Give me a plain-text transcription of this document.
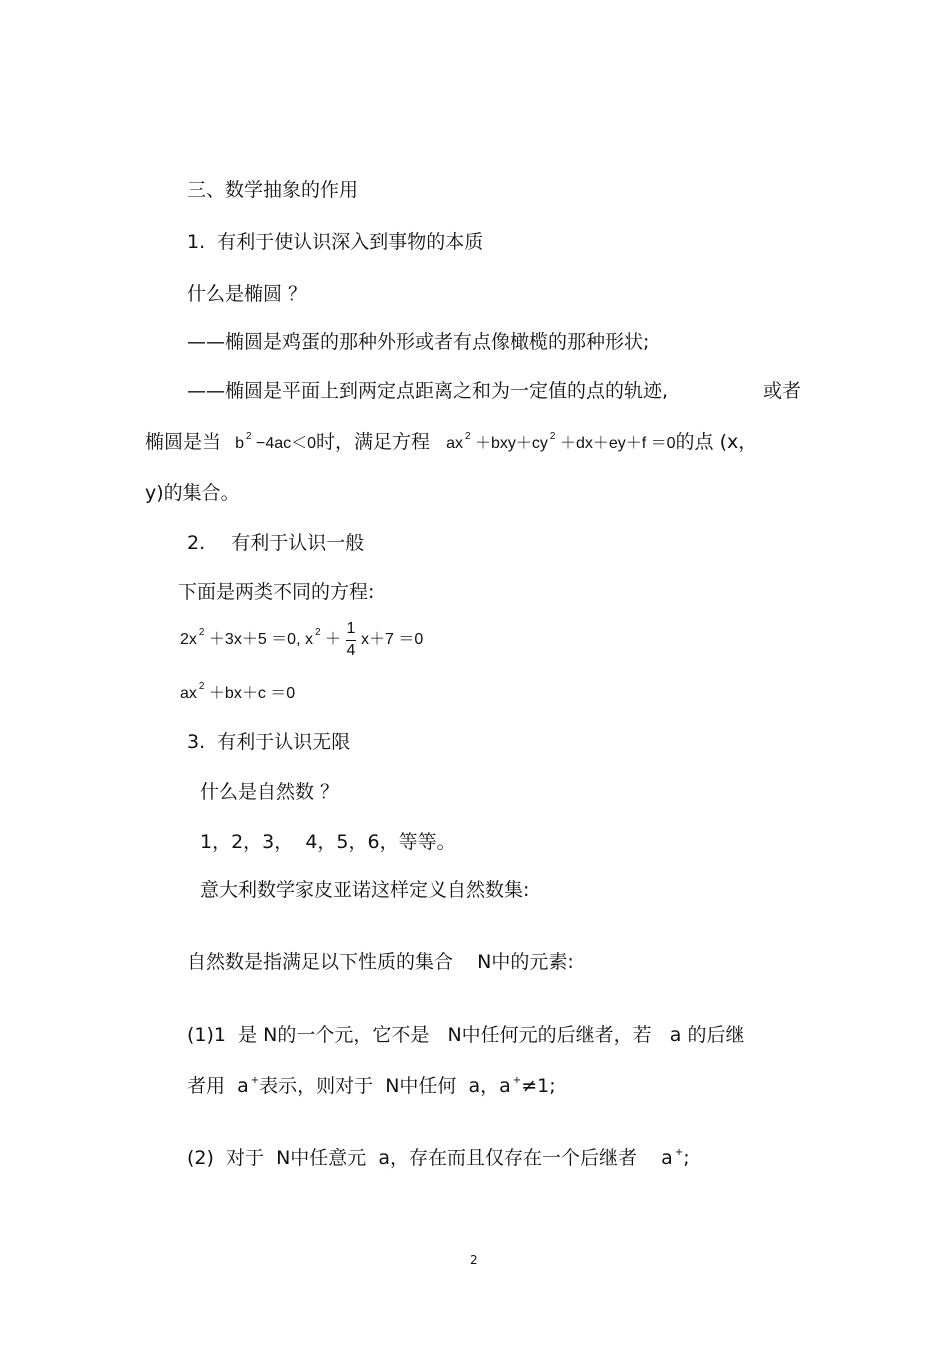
三、数学抽象的作用
1. 有利于使认识深入到事物的本质
什么是椭圆 ？
——椭圆是鸡蛋的那种外形或者有点像橄榄的那种形状;
——椭圆是平面上到两定点距离之和为一定值的点的轨迹,	或者
椭圆是当 b $^2$ −4ac＜0时，满足方程 ax $^2$ ＋bxy＋cy $^2$ ＋dx＋ey＋f ＝0的点 (x，
y)的集合。
2. 有利于认识一般
下面是两类不同的方程:
2x $^2$ ＋3x＋5 ＝0, x $^2 + \frac{1}{4} x+7 =0$
ax $^2$ ＋bx＋c ＝0
3. 有利于认识无限
什么是自然数 ？
1，2，3，  4，5，6，等等。
意大利数学家皮亚诺这样定义自然数集:
自然数是指满足以下性质的集合    N中的元素:
(1)1  是 N的一个元，它不是   N中任何元的后继者，若   a 的后继
者用  a +表示，则对于  N中任何  a，a +≠1;
(2)  对于  N中任意元  a，存在而且仅存在一个后继者    a +;
2
